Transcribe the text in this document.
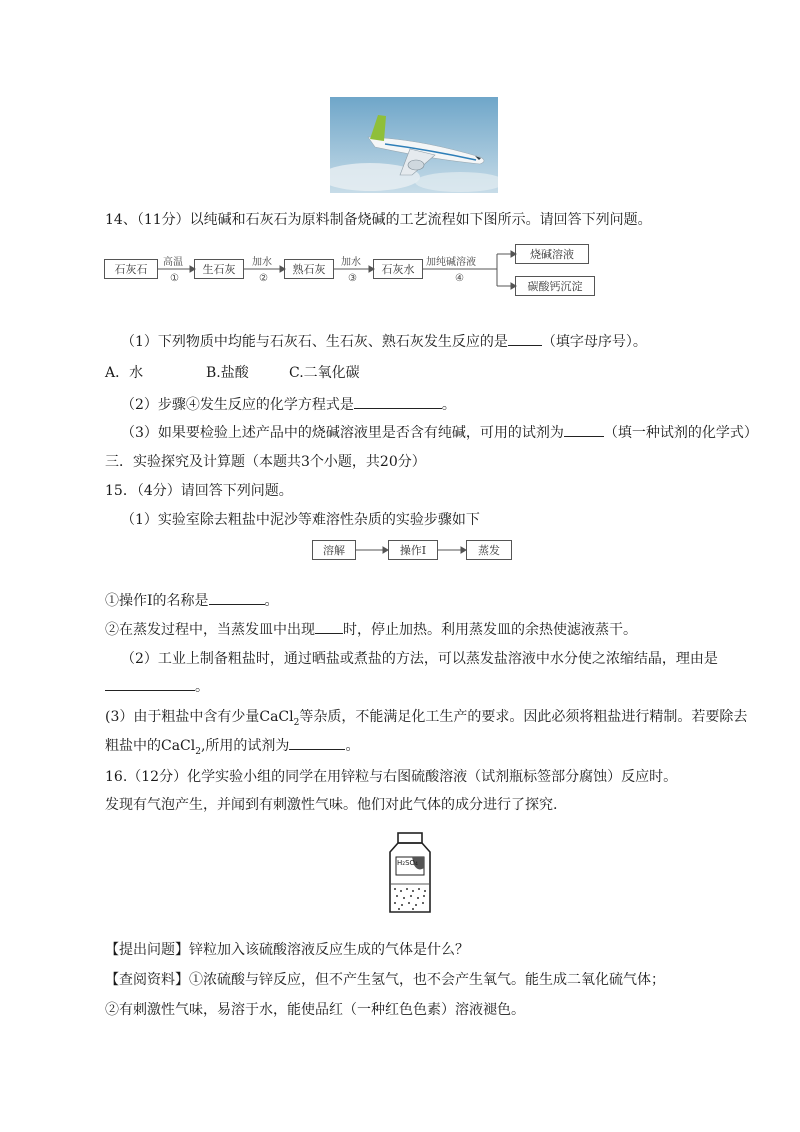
14、（11分）以纯碱和石灰石为原料制备烧碱的工艺流程如下图所示。请回答下列问题。
石灰石	生石灰	熟石灰	石灰水
烧碱溶液
碳酸钙沉淀
高温
①
加水
②
加水
③
加纯碱溶液
④
（1）下列物质中均能与石灰石、生石灰、熟石灰发生反应的是 （填字母序号）。
A．水	B.盐酸	C.二氧化碳
（2）步骤④发生反应的化学方程式是	。
（3）如果要检验上述产品中的烧碱溶液里是否含有纯碱，可用的试剂为	（填一种试剂的化学式）
三．实验探究及计算题（本题共3个小题，共20分）
15．（4分）请回答下列问题。
（1）实验室除去粗盐中泥沙等难溶性杂质的实验步骤如下
溶解	操作Ⅰ	蒸发
①操作Ⅰ的名称是	。
②在蒸发过程中，当蒸发皿中出现 时，停止加热。利用蒸发皿的余热使滤液蒸干。
（2）工业上制备粗盐时，通过晒盐或煮盐的方法，可以蒸发盐溶液中水分使之浓缩结晶，理由是
。
(3）由于粗盐中含有少量CaCl$_2$等杂质，不能满足化工生产的要求。因此必须将粗盐进行精制。若要除去
粗盐中的CaCl$_2$,所用的试剂为	。
16.（12分）化学实验小组的同学在用锌粒与右图硫酸溶液（试剂瓶标签部分腐蚀）反应时。
发现有气泡产生，并闻到有刺激性气味。他们对此气体的成分进行了探究.
H₂SO₄
【提出问题】锌粒加入该硫酸溶液反应生成的气体是什么？
【查阅资料】①浓硫酸与锌反应，但不产生氢气，也不会产生氧气。能生成二氧化硫气体；
②有刺激性气味，易溶于水，能使品红（一种红色色素）溶液褪色。
